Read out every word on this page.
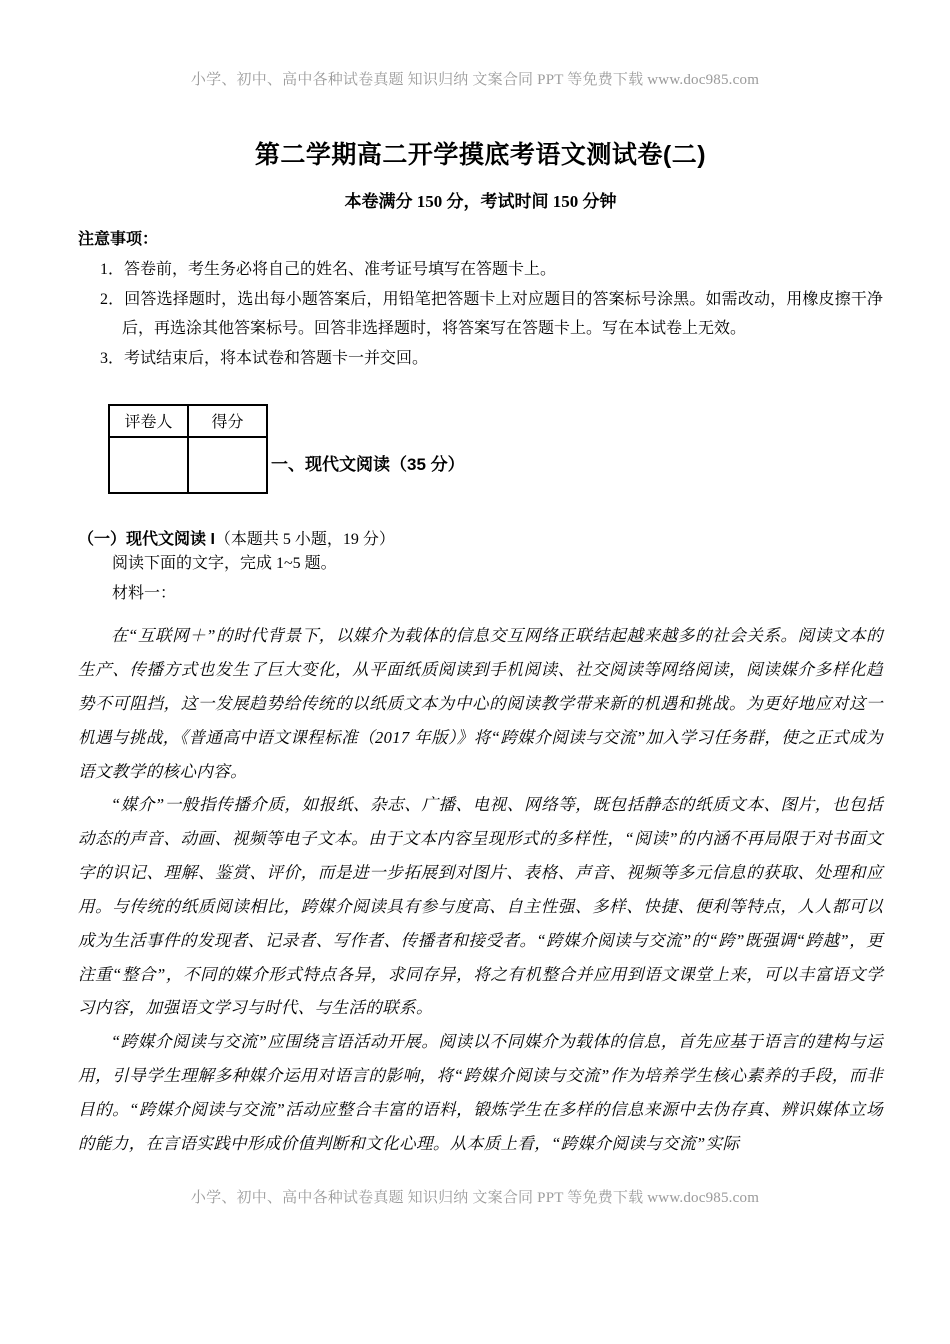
小学、初中、高中各种试卷真题 知识归纳 文案合同 PPT 等免费下载 www.doc985.com
第二学期高二开学摸底考语文测试卷(二)
本卷满分 150 分，考试时间 150 分钟
注意事项：
1．答卷前，考生务必将自己的姓名、准考证号填写在答题卡上。
2．回答选择题时，选出每小题答案后，用铅笔把答题卡上对应题目的答案标号涂黑。如需改动，用橡皮擦干净后，再选涂其他答案标号。回答非选择题时，将答案写在答题卡上。写在本试卷上无效。
3．考试结束后，将本试卷和答题卡一并交回。
评卷人	得分

一、现代文阅读（35 分）
（一）现代文阅读 I（本题共 5 小题，19 分）
阅读下面的文字，完成 1~5 题。
材料一：

在“互联网＋”的时代背景下，以媒介为载体的信息交互网络正联结起越来越多的社会关系。阅读文本的生产、传播方式也发生了巨大变化，从平面纸质阅读到手机阅读、社交阅读等网络阅读，阅读媒介多样化趋势不可阻挡，这一发展趋势给传统的以纸质文本为中心的阅读教学带来新的机遇和挑战。为更好地应对这一机遇与挑战，《普通高中语文课程标准（2017 年版）》将“跨媒介阅读与交流”加入学习任务群，使之正式成为语文教学的核心内容。

“媒介”一般指传播介质，如报纸、杂志、广播、电视、网络等，既包括静态的纸质文本、图片，也包括动态的声音、动画、视频等电子文本。由于文本内容呈现形式的多样性，“阅读”的内涵不再局限于对书面文字的识记、理解、鉴赏、评价，而是进一步拓展到对图片、表格、声音、视频等多元信息的获取、处理和应用。与传统的纸质阅读相比，跨媒介阅读具有参与度高、自主性强、多样、快捷、便利等特点，人人都可以成为生活事件的发现者、记录者、写作者、传播者和接受者。“跨媒介阅读与交流”的“跨”既强调“跨越”，更注重“整合”，不同的媒介形式特点各异，求同存异，将之有机整合并应用到语文课堂上来，可以丰富语文学习内容，加强语文学习与时代、与生活的联系。

“跨媒介阅读与交流”应围绕言语活动开展。阅读以不同媒介为载体的信息，首先应基于语言的建构与运用，引导学生理解多种媒介运用对语言的影响，将“跨媒介阅读与交流”作为培养学生核心素养的手段，而非目的。“跨媒介阅读与交流”活动应整合丰富的语料，锻炼学生在多样的信息来源中去伪存真、辨识媒体立场的能力，在言语实践中形成价值判断和文化心理。从本质上看，“跨媒介阅读与交流”实际

小学、初中、高中各种试卷真题 知识归纳 文案合同 PPT 等免费下载 www.doc985.com
